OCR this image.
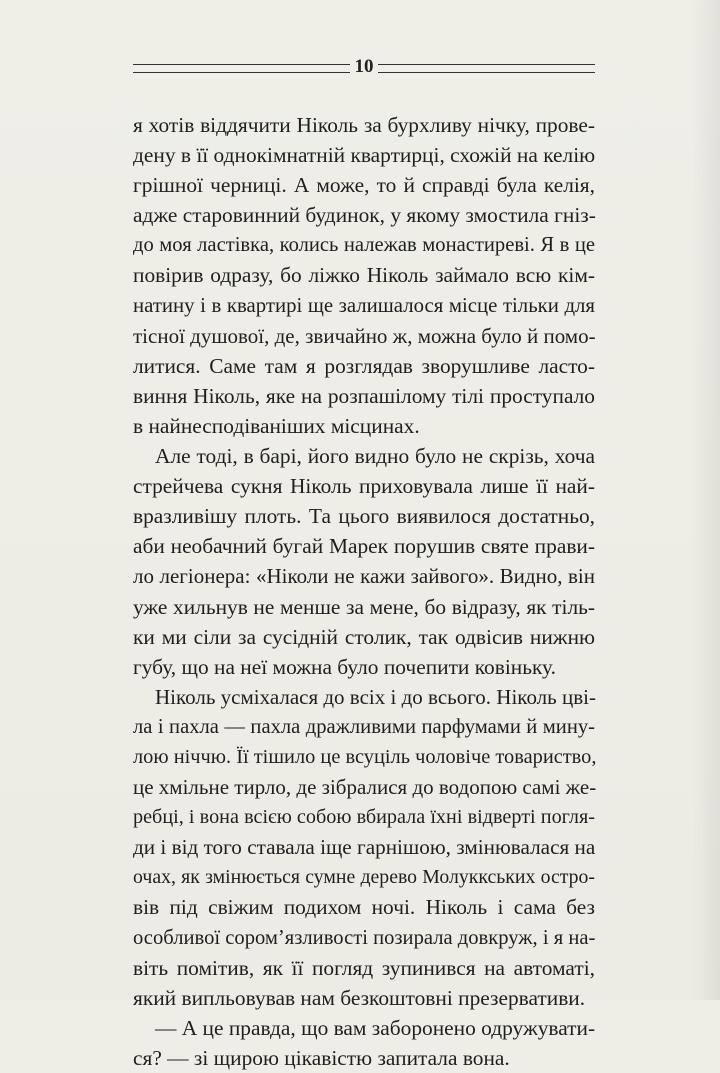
10
я хотів віддячити Ніколь за бурхливу нічку, прове-
дену в її однокімнатній квартирці, схожій на келію
грішної черниці. А може, то й справді була келія,
адже старовинний будинок, у якому змостила гніз-
до моя ластівка, колись належав монастиреві. Я в це
повірив одразу, бо ліжко Ніколь займало всю кім-
натину і в квартирі ще залишалося місце тільки для
тісної душової, де, звичайно ж, можна було й помо-
литися. Саме там я розглядав зворушливе ласто-
виння Ніколь, яке на розпашілому тілі проступало
в найнесподіваніших місцинах.
Але тоді, в барі, його видно було не скрізь, хоча
стрейчева сукня Ніколь приховувала лише її най-
вразливішу плоть. Та цього виявилося достатньо,
аби необачний бугай Марек порушив святе прави-
ло легіонера: «Ніколи не кажи зайвого». Видно, він
уже хильнув не менше за мене, бо відразу, як тіль-
ки ми сіли за сусідній столик, так одвісив нижню
губу, що на неї можна було почепити ковіньку.
Ніколь усміхалася до всіх і до всього. Ніколь цві-
ла і пахла — пахла дражливими парфумами й мину-
лою ніччю. Її тішило це всуціль чоловіче товариство,
це хмільне тирло, де зібралися до водопою самі же-
ребці, і вона всією собою вбирала їхні відверті погля-
ди і від того ставала іще гарнішою, змінювалася на
очах, як змінюється сумне дерево Молуккських остро-
вів під свіжим подихом ночі. Ніколь і сама без
особливої сором’язливості позирала довкруж, і я на-
віть помітив, як її погляд зупинився на автоматі,
який випльовував нам безкоштовні презервативи.
— А це правда, що вам заборонено одружувати-
ся? — зі щирою цікавістю запитала вона.
